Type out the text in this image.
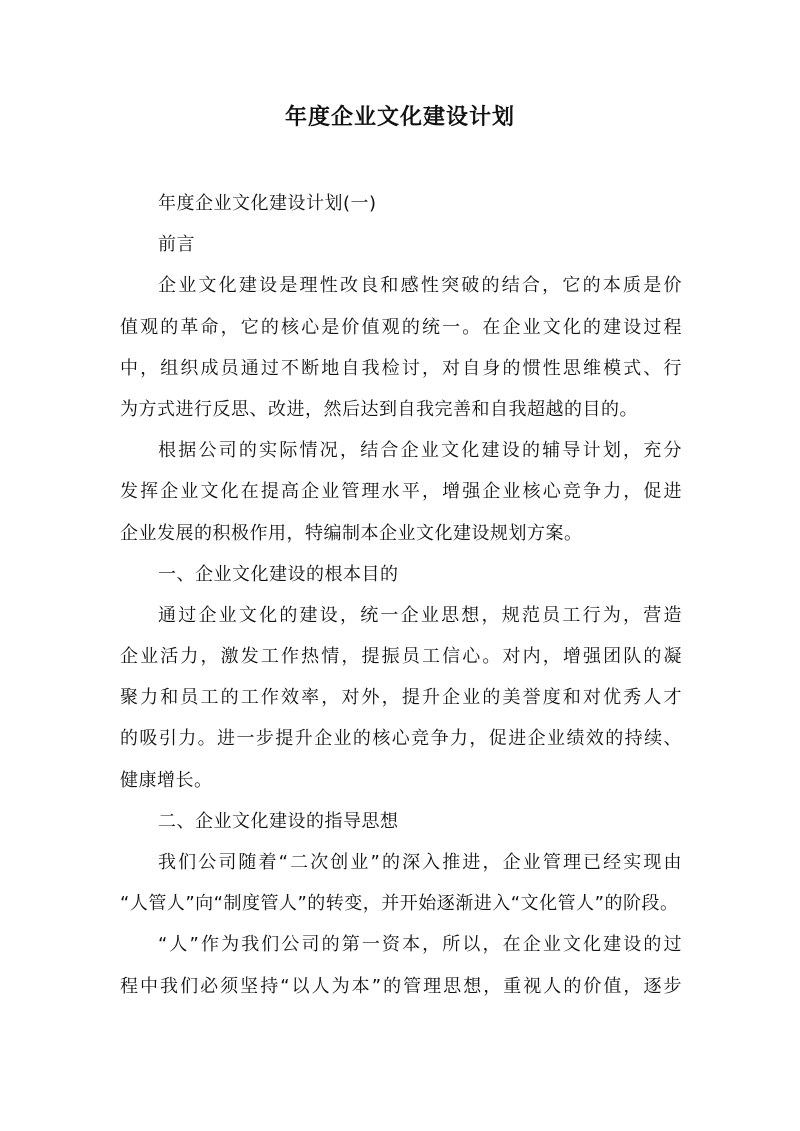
年度企业文化建设计划
年度企业文化建设计划(一)
前言
企业文化建设是理性改良和感性突破的结合，它的本质是价
值观的革命，它的核心是价值观的统一。在企业文化的建设过程
中，组织成员通过不断地自我检讨，对自身的惯性思维模式、行
为方式进行反思、改进，然后达到自我完善和自我超越的目的。
根据公司的实际情况，结合企业文化建设的辅导计划，充分
发挥企业文化在提高企业管理水平，增强企业核心竞争力，促进
企业发展的积极作用，特编制本企业文化建设规划方案。
一、企业文化建设的根本目的
通过企业文化的建设，统一企业思想，规范员工行为，营造
企业活力，激发工作热情，提振员工信心。对内，增强团队的凝
聚力和员工的工作效率，对外，提升企业的美誉度和对优秀人才
的吸引力。进一步提升企业的核心竞争力，促进企业绩效的持续、
健康增长。
二、企业文化建设的指导思想
我们公司随着“二次创业”的深入推进，企业管理已经实现由
“人管人”向“制度管人”的转变，并开始逐渐进入“文化管人”的阶段。
“人”作为我们公司的第一资本，所以，在企业文化建设的过
程中我们必须坚持“以人为本”的管理思想，重视人的价值，逐步
